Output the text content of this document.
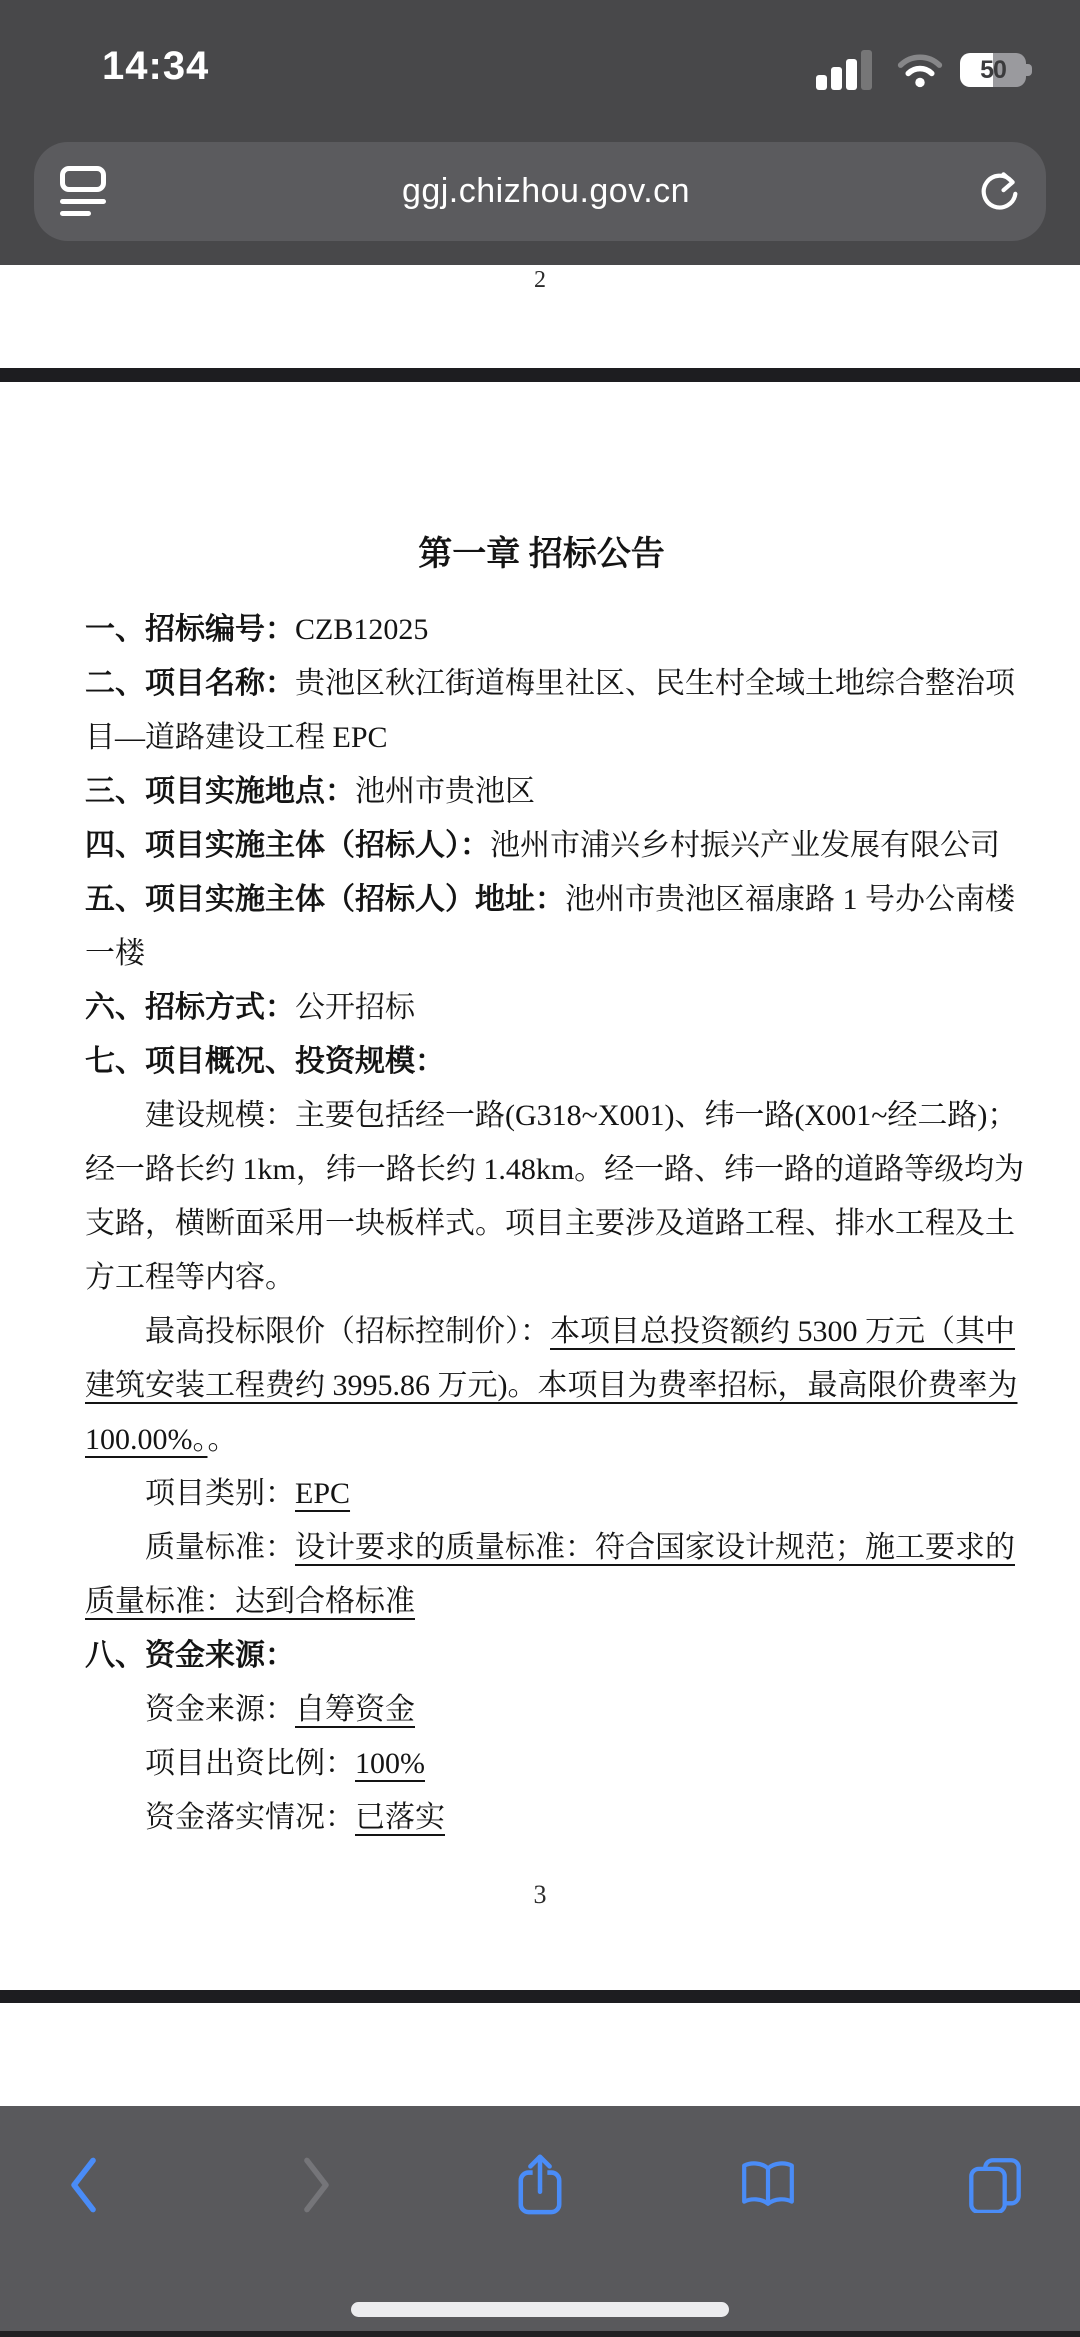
14:34	50
ggj.chizhou.gov.cn
2
第一章 招标公告
一、招标编号：CZB12025
二、项目名称：贵池区秋江街道梅里社区、民生村全域土地综合整治项
目—道路建设工程 EPC
三、项目实施地点：池州市贵池区
四、项目实施主体（招标人）：池州市浦兴乡村振兴产业发展有限公司
五、项目实施主体（招标人）地址：池州市贵池区福康路 1 号办公南楼
一楼
六、招标方式：公开招标
七、项目概况、投资规模：
建设规模：主要包括经一路(G318~X001)、纬一路(X001~经二路)；
经一路长约 1km，纬一路长约 1.48km。经一路、纬一路的道路等级均为
支路，横断面采用一块板样式。项目主要涉及道路工程、排水工程及土
方工程等内容。
最高投标限价（招标控制价）：本项目总投资额约 5300 万元（其中
建筑安装工程费约 3995.86 万元)。本项目为费率招标，最高限价费率为
100.00%。。
项目类别：EPC
质量标准：设计要求的质量标准：符合国家设计规范；施工要求的
质量标准：达到合格标准
八、资金来源：
资金来源：自筹资金
项目出资比例：100%
资金落实情况：已落实
3
